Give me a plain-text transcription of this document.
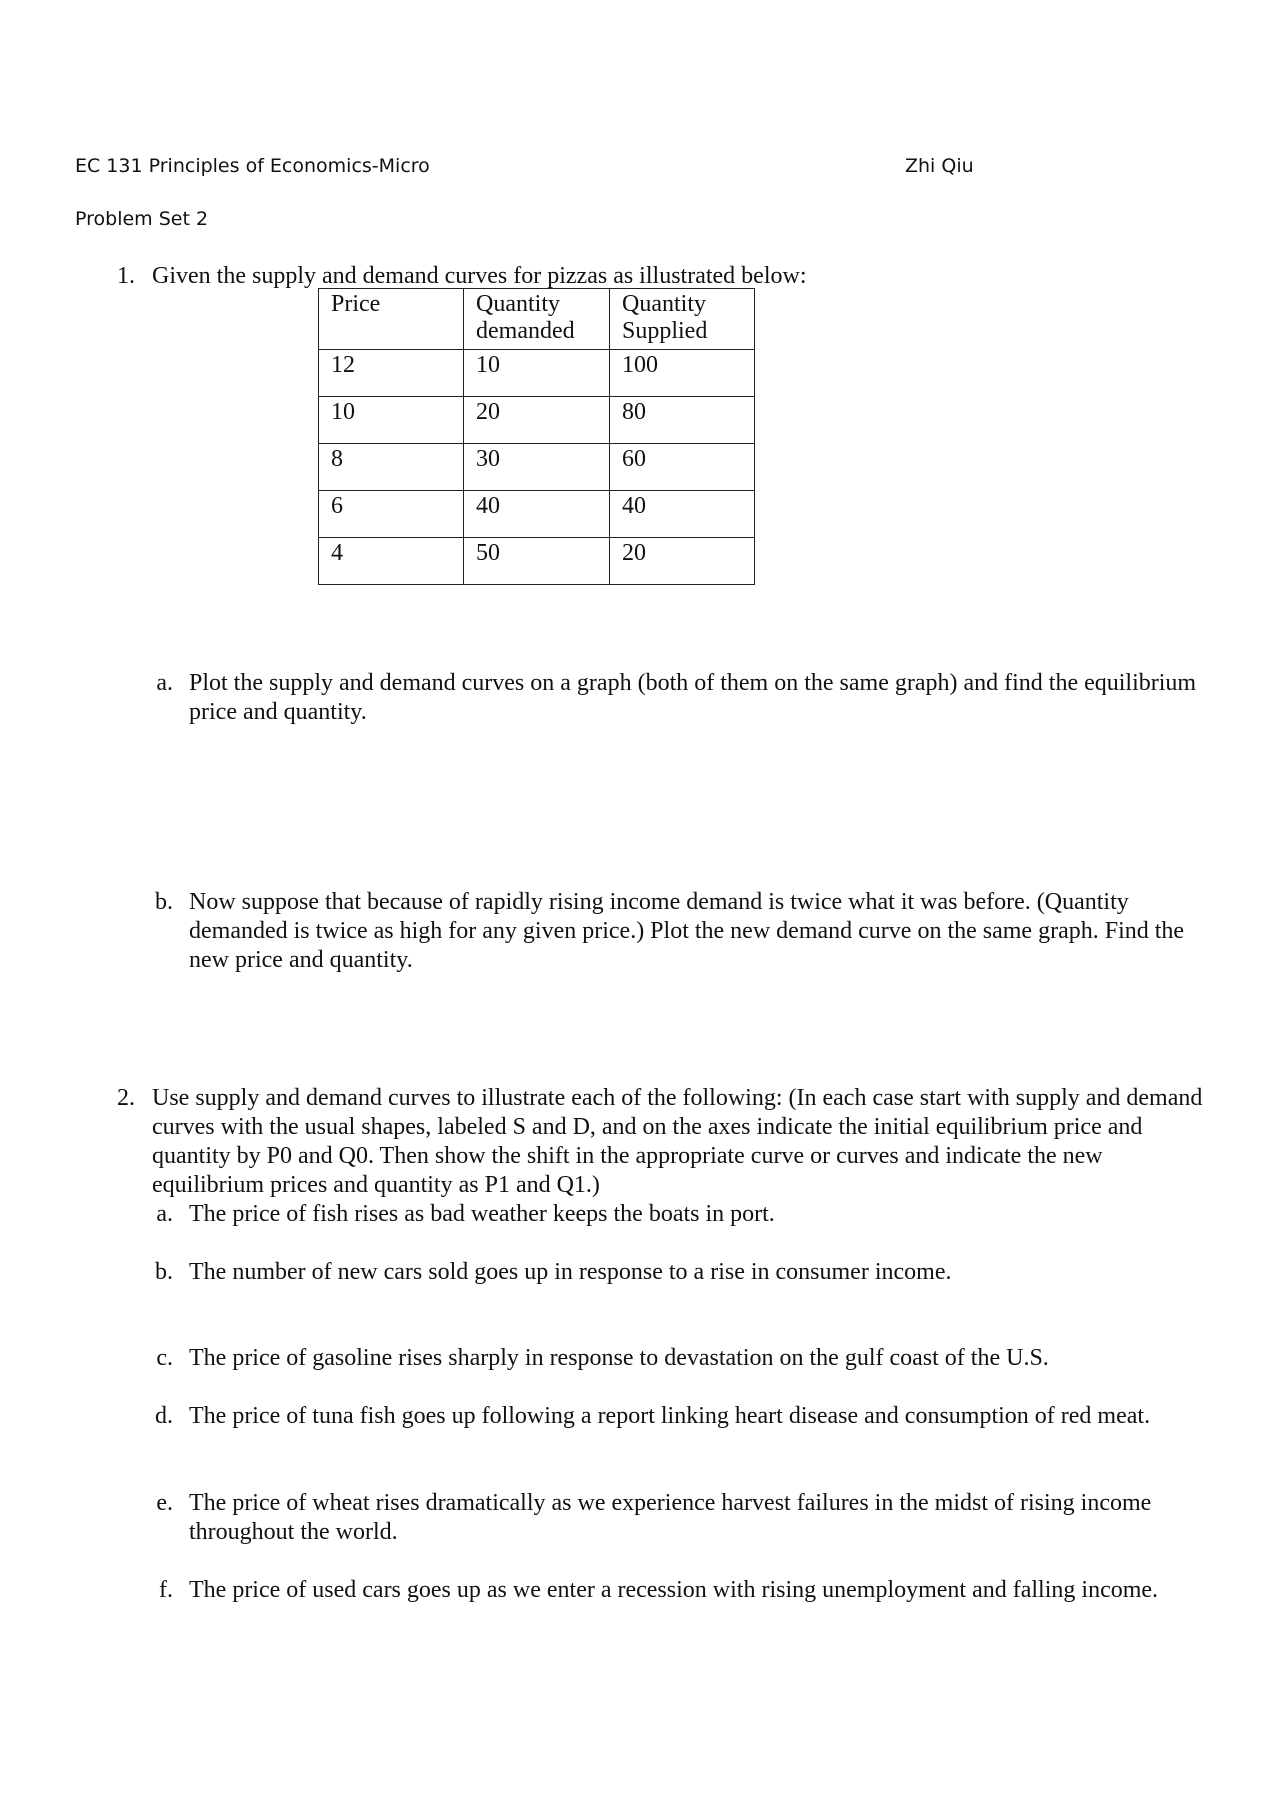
EC 131 Principles of Economics-Micro	Zhi Qiu
Problem Set 2
1. Given the supply and demand curves for pizzas as illustrated below:
Price	Quantity demanded	Quantity Supplied
12	10	100
10	20	80
8	30	60
6	40	40
4	50	20
a. Plot the supply and demand curves on a graph (both of them on the same graph) and find the equilibrium price and quantity.
b. Now suppose that because of rapidly rising income demand is twice what it was before. (Quantity demanded is twice as high for any given price.) Plot the new demand curve on the same graph. Find the new price and quantity.
2. Use supply and demand curves to illustrate each of the following: (In each case start with supply and demand curves with the usual shapes, labeled S and D, and on the axes indicate the initial equilibrium price and quantity by P0 and Q0. Then show the shift in the appropriate curve or curves and indicate the new equilibrium prices and quantity as P1 and Q1.)
a. The price of fish rises as bad weather keeps the boats in port.
b. The number of new cars sold goes up in response to a rise in consumer income.
c. The price of gasoline rises sharply in response to devastation on the gulf coast of the U.S.
d. The price of tuna fish goes up following a report linking heart disease and consumption of red meat.
e. The price of wheat rises dramatically as we experience harvest failures in the midst of rising income throughout the world.
f. The price of used cars goes up as we enter a recession with rising unemployment and falling income.
